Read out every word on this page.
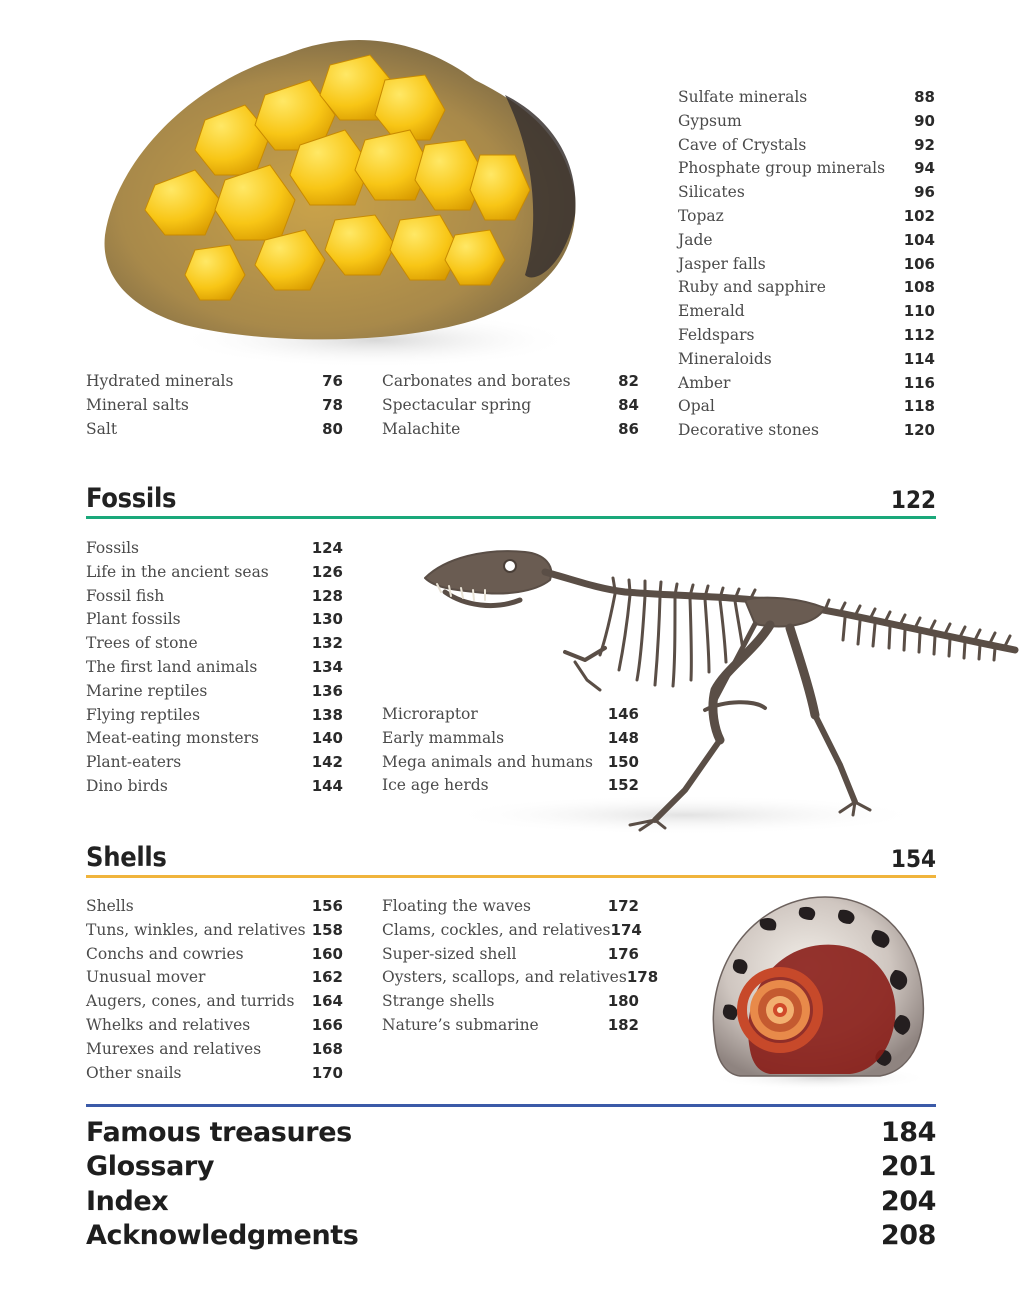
Hydrated minerals	76
Mineral salts	78
Salt	80
Carbonates and borates	82
Spectacular spring	84
Malachite	86
Sulfate minerals	88
Gypsum	90
Cave of Crystals	92
Phosphate group minerals 94
Silicates	96
Topaz	102
Jade	104
Jasper falls	106
Ruby and sapphire	108
Emerald	110
Feldspars	112
Mineraloids	114
Amber	116
Opal	118
Decorative stones	120
Fossils	122
Fossils	124
Life in the ancient seas	126
Fossil fish	128
Plant fossils	130
Trees of stone	132
The first land animals	134
Marine reptiles	136
Flying reptiles	138
Meat-eating monsters	140
Plant-eaters	142
Dino birds	144
Microraptor	146
Early mammals	148
Mega animals and humans 150
Ice age herds	152
Shells	154
Shells	156
Tuns, winkles, and relatives 158
Conchs and cowries	160
Unusual mover	162
Augers, cones, and turrids 164
Whelks and relatives	166
Murexes and relatives	168
Other snails	170
Floating the waves	172
Clams, cockles, and relatives 174
Super-sized shell	176
Oysters, scallops, and relatives 178
Strange shells	180
Nature’s submarine	182
Famous treasures	184
Glossary	201
Index	204
Acknowledgments	208
